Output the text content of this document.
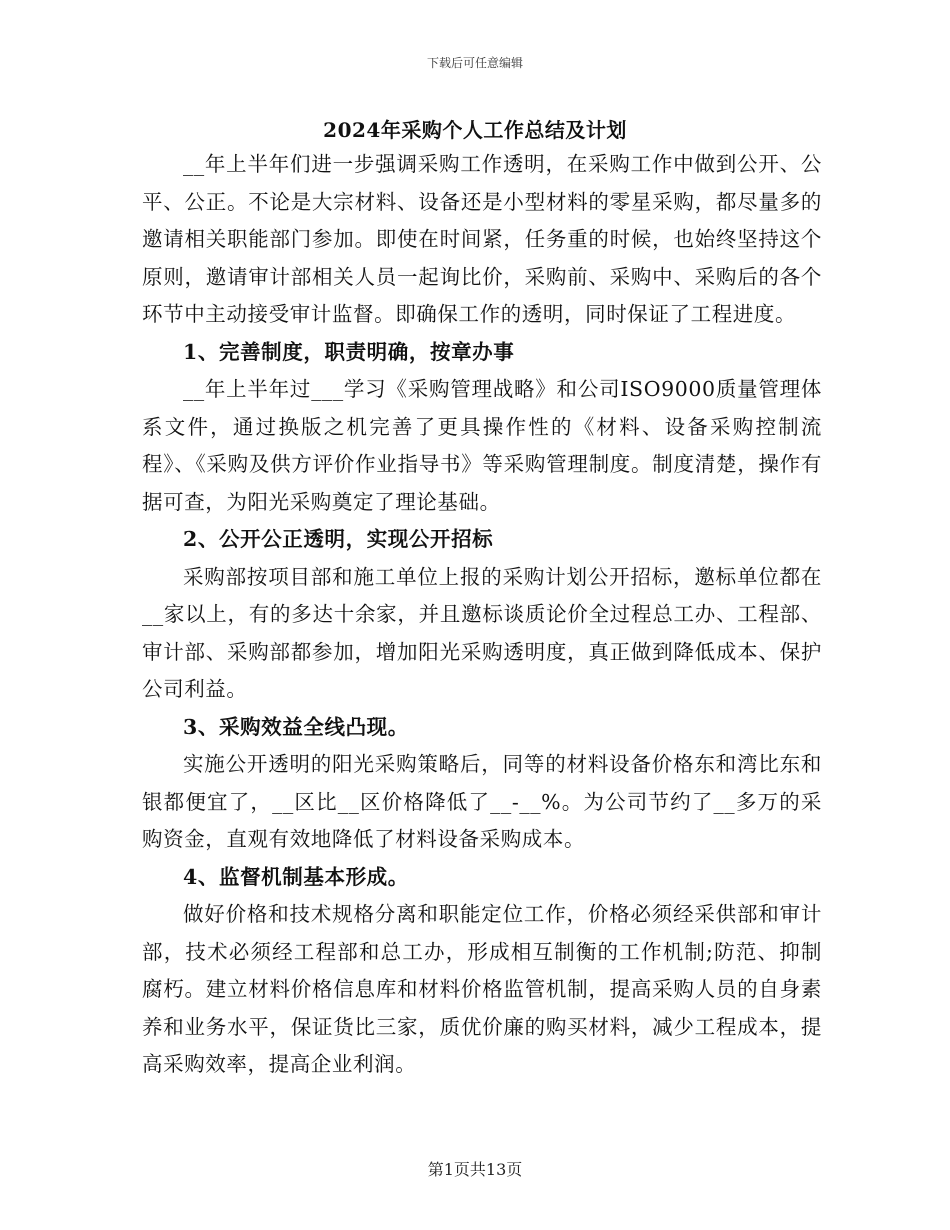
下载后可任意编辑
2024年采购个人工作总结及计划

__年上半年们进一步强调采购工作透明，在采购工作中做到公开、公平、公正。不论是大宗材料、设备还是小型材料的零星采购，都尽量多的邀请相关职能部门参加。即使在时间紧，任务重的时候，也始终坚持这个原则，邀请审计部相关人员一起询比价，采购前、采购中、采购后的各个环节中主动接受审计监督。即确保工作的透明，同时保证了工程进度。

1、完善制度，职责明确，按章办事

__年上半年过___学习《采购管理战略》和公司ISO9000质量管理体系文件，通过换版之机完善了更具操作性的《材料、设备采购控制流程》、《采购及供方评价作业指导书》等采购管理制度。制度清楚，操作有据可查，为阳光采购奠定了理论基础。

2、公开公正透明，实现公开招标

采购部按项目部和施工单位上报的采购计划公开招标，邀标单位都在__家以上，有的多达十余家，并且邀标谈质论价全过程总工办、工程部、审计部、采购部都参加，增加阳光采购透明度，真正做到降低成本、保护公司利益。

3、采购效益全线凸现。

实施公开透明的阳光采购策略后，同等的材料设备价格东和湾比东和银都便宜了，__区比__区价格降低了__-__%。为公司节约了__多万的采购资金，直观有效地降低了材料设备采购成本。

4、监督机制基本形成。

做好价格和技术规格分离和职能定位工作，价格必须经采供部和审计部，技术必须经工程部和总工办，形成相互制衡的工作机制;防范、抑制腐朽。建立材料价格信息库和材料价格监管机制，提高采购人员的自身素养和业务水平，保证货比三家，质优价廉的购买材料，减少工程成本，提高采购效率，提高企业利润。

第1页共13页
